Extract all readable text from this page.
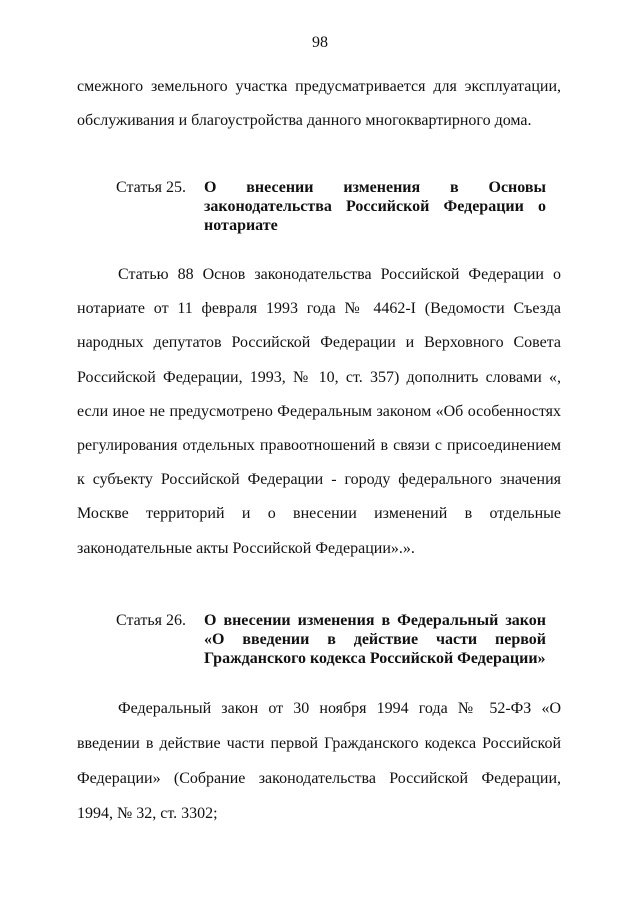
98

смежного земельного участка предусматривается для эксплуатации, обслуживания и благоустройства данного многоквартирного дома.

Статья 25. О внесении изменения в Основы законодательства Российской Федерации о нотариате

Статью 88 Основ законодательства Российской Федерации о нотариате от 11 февраля 1993 года № 4462-I (Ведомости Съезда народных депутатов Российской Федерации и Верховного Совета Российской Федерации, 1993, № 10, ст. 357) дополнить словами «, если иное не предусмотрено Федеральным законом «Об особенностях регулирования отдельных правоотношений в связи с присоединением к субъекту Российской Федерации - городу федерального значения Москве территорий и о внесении изменений в отдельные законодательные акты Российской Федерации».».

Статья 26. О внесении изменения в Федеральный закон «О введении в действие части первой Гражданского кодекса Российской Федерации»

Федеральный закон от 30 ноября 1994 года № 52-ФЗ «О введении в действие части первой Гражданского кодекса Российской Федерации» (Собрание законодательства Российской Федерации, 1994, № 32, ст. 3302;
